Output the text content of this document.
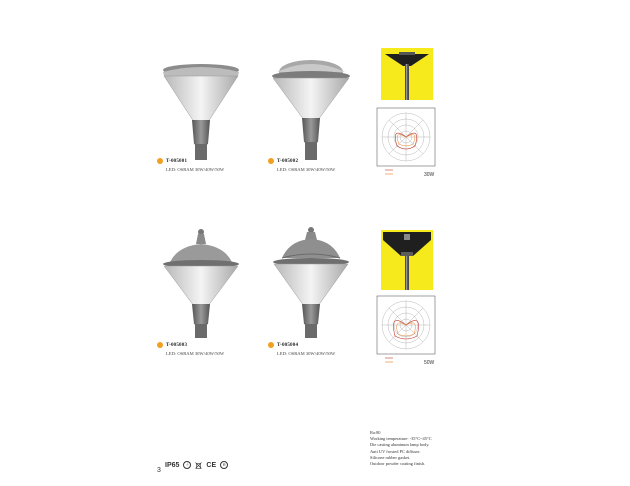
T-005001
LED: OSRAM 30W/40W/50W
T-005002
LED: OSRAM 30W/40W/50W
T-005003
LED: OSRAM 30W/40W/50W
T-005004
LED: OSRAM 30W/40W/50W
30W
50W
Ra:80
Working temperature: -35°C~45°C
Die casting aluminum lamp body.
Anti UV frosted PC diffuser.
Silicone rubber gasket.
Outdoor powder coating finish.
IP65	⏚ CE	R
3
